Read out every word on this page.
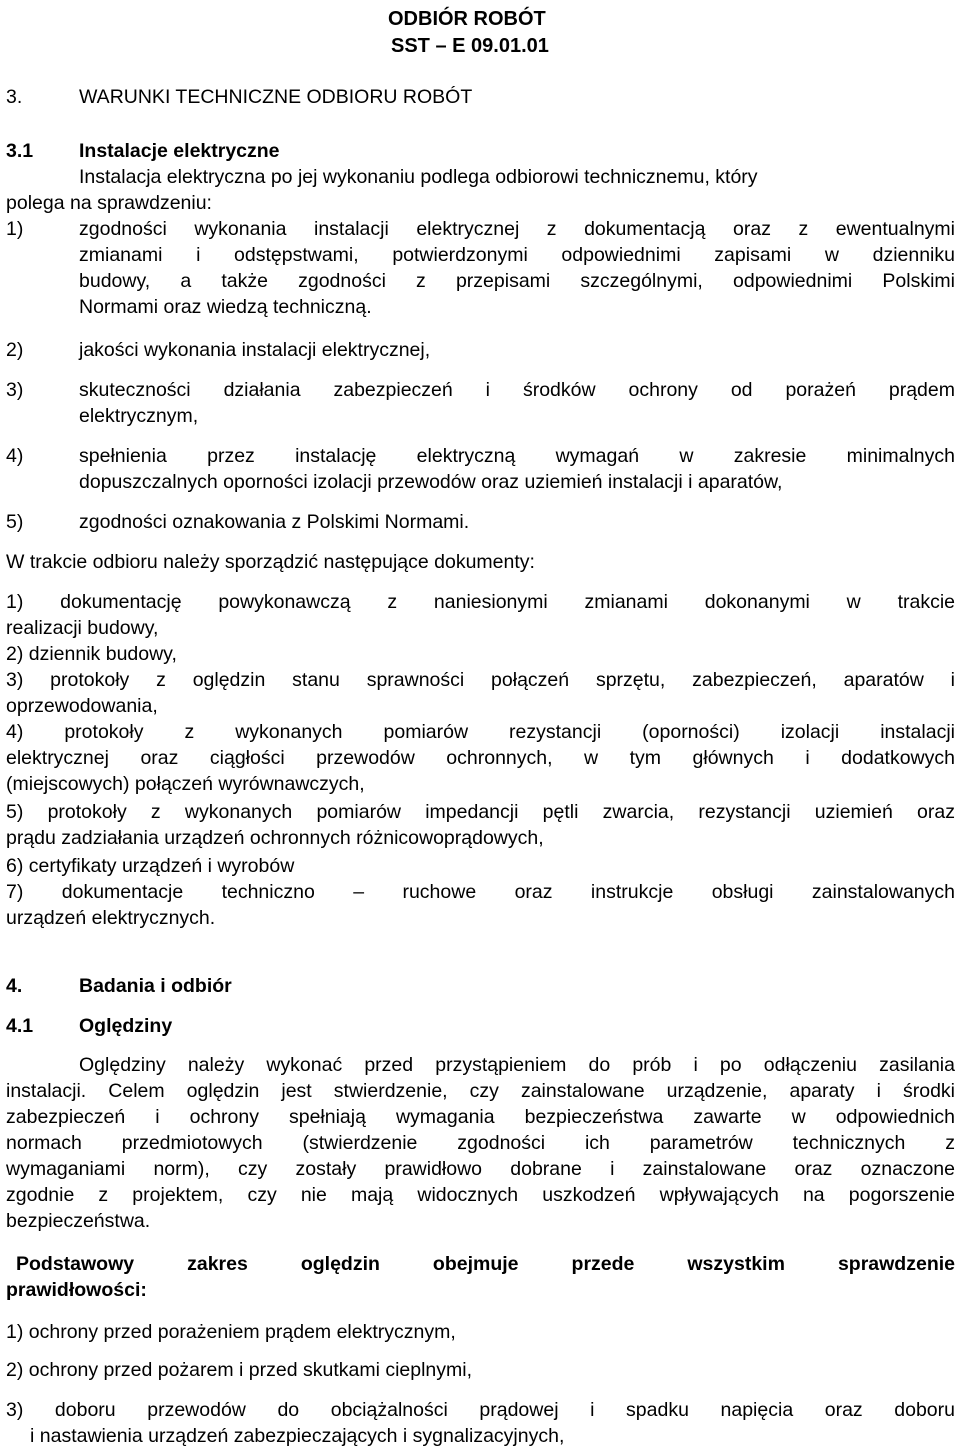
ODBIÓR ROBÓT
SST – E 09.01.01
3.	WARUNKI TECHNICZNE ODBIORU ROBÓT
3.1 Instalacje elektryczne
Instalacja elektryczna po jej wykonaniu podlega odbiorowi technicznemu, który
polega na sprawdzeniu:
1)	zgodności wykonania instalacji elektrycznej z dokumentacją oraz z ewentualnymi
zmianami i odstępstwami, potwierdzonymi odpowiednimi zapisami w dzienniku
budowy, a także zgodności z przepisami szczególnymi, odpowiednimi Polskimi
Normami oraz wiedzą techniczną.
2)	jakości wykonania instalacji elektrycznej,
3)	skuteczności działania zabezpieczeń i środków ochrony od porażeń prądem
elektrycznym,
4)	spełnienia przez instalację elektryczną wymagań w zakresie minimalnych
dopuszczalnych oporności izolacji przewodów oraz uziemień instalacji i aparatów,
5)	zgodności oznakowania z Polskimi Normami.
W trakcie odbioru należy sporządzić następujące dokumenty:
1) dokumentację powykonawczą z naniesionymi zmianami dokonanymi w trakcie
realizacji budowy,
2) dziennik budowy,
3) protokoły z oględzin stanu sprawności połączeń sprzętu, zabezpieczeń, aparatów i
oprzewodowania,
4) protokoły z wykonanych pomiarów rezystancji (oporności) izolacji instalacji
elektrycznej oraz ciągłości przewodów ochronnych, w tym głównych i dodatkowych
(miejscowych) połączeń wyrównawczych,
5) protokoły z wykonanych pomiarów impedancji pętli zwarcia, rezystancji uziemień oraz
prądu zadziałania urządzeń ochronnych różnicowoprądowych,
6) certyfikaty urządzeń i wyrobów
7) dokumentacje techniczno – ruchowe oraz instrukcje obsługi zainstalowanych
urządzeń elektrycznych.
4.	Badania i odbiór
4.1 Oględziny
Oględziny należy wykonać przed przystąpieniem do prób i po odłączeniu zasilania
instalacji. Celem oględzin jest stwierdzenie, czy zainstalowane urządzenie, aparaty i środki
zabezpieczeń i ochrony spełniają wymagania bezpieczeństwa zawarte w odpowiednich
normach przedmiotowych (stwierdzenie zgodności ich parametrów technicznych z
wymaganiami norm), czy zostały prawidłowo dobrane i zainstalowane oraz oznaczone
zgodnie z projektem, czy nie mają widocznych uszkodzeń wpływających na pogorszenie
bezpieczeństwa.
Podstawowy zakres oględzin obejmuje przede wszystkim sprawdzenie
prawidłowości:
1) ochrony przed porażeniem prądem elektrycznym,
2) ochrony przed pożarem i przed skutkami cieplnymi,
3) doboru przewodów do obciążalności prądowej i spadku napięcia oraz doboru
i nastawienia urządzeń zabezpieczających i sygnalizacyjnych,
